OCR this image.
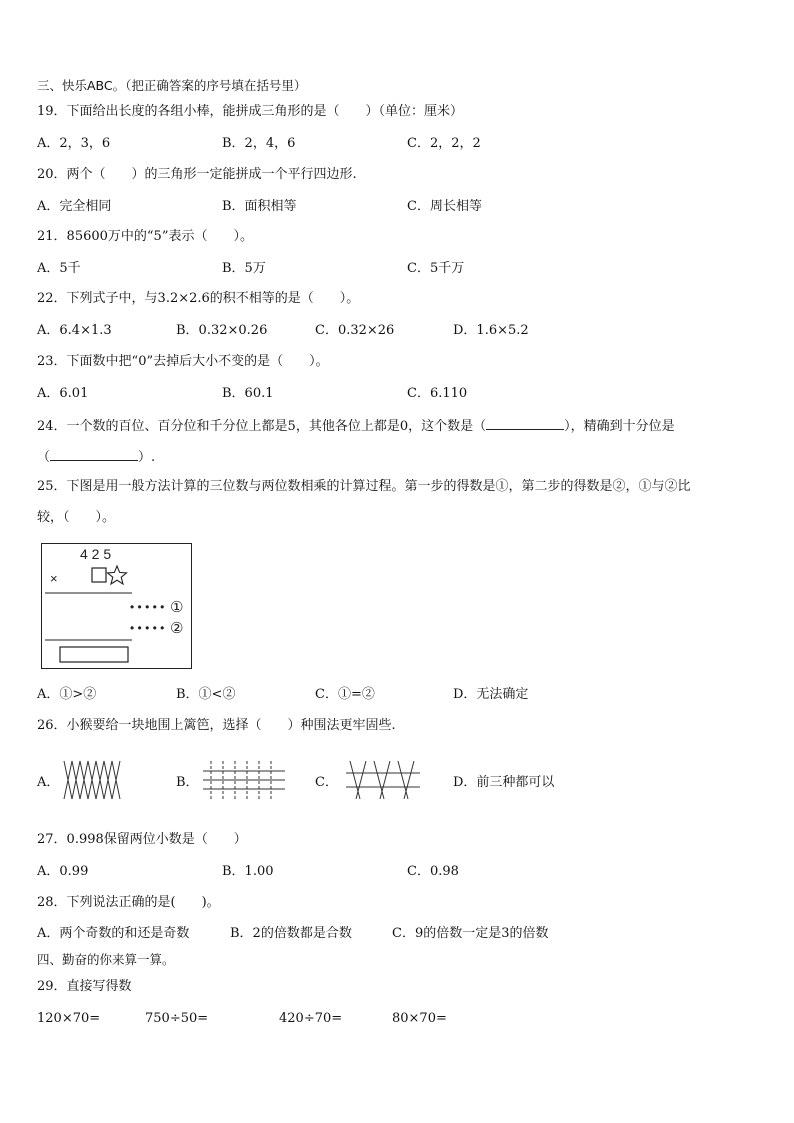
三、快乐ABC。（把正确答案的序号填在括号里）
19．下面给出长度的各组小棒，能拼成三角形的是（　　）（单位：厘米）
A．2，3，6	B．2，4，6	C．2，2，2
20．两个（　　）的三角形一定能拼成一个平行四边形.
A．完全相同	B．面积相等	C．周长相等
21．85600万中的“5”表示（　　）。
A．5千	B．5万	C．5千万
22．下列式子中，与3.2×2.6的积不相等的是（　　）。
A．6.4×1.3	B．0.32×0.26	C．0.32×26	D．1.6×5.2
23．下面数中把“0”去掉后大小不变的是（　　）。
A．6.01	B．60.1	C．6.110
24．一个数的百位、百分位和千分位上都是5，其他各位上都是0，这个数是（	），精确到十分位是
（	）.
25．下图是用一般方法计算的三位数与两位数相乘的计算过程。第一步的得数是①，第二步的得数是②，①与②比
较，（　　）。
4 2 5
×
• • • • • ①
• • • • • ②
A．①>②	B．①<②	C．①=②	D．无法确定
26．小猴要给一块地围上篱笆，选择（　　）种围法更牢固些.
A．	B．	C．	D．前三种都可以
27．0.998保留两位小数是（　　）
A．0.99	B．1.00	C．0.98
28．下列说法正确的是(　　)。
A．两个奇数的和还是奇数	B．2的倍数都是合数	C．9的倍数一定是3的倍数
四、勤奋的你来算一算。
29．直接写得数
120×70=	750÷50=	420÷70=	80×70=
